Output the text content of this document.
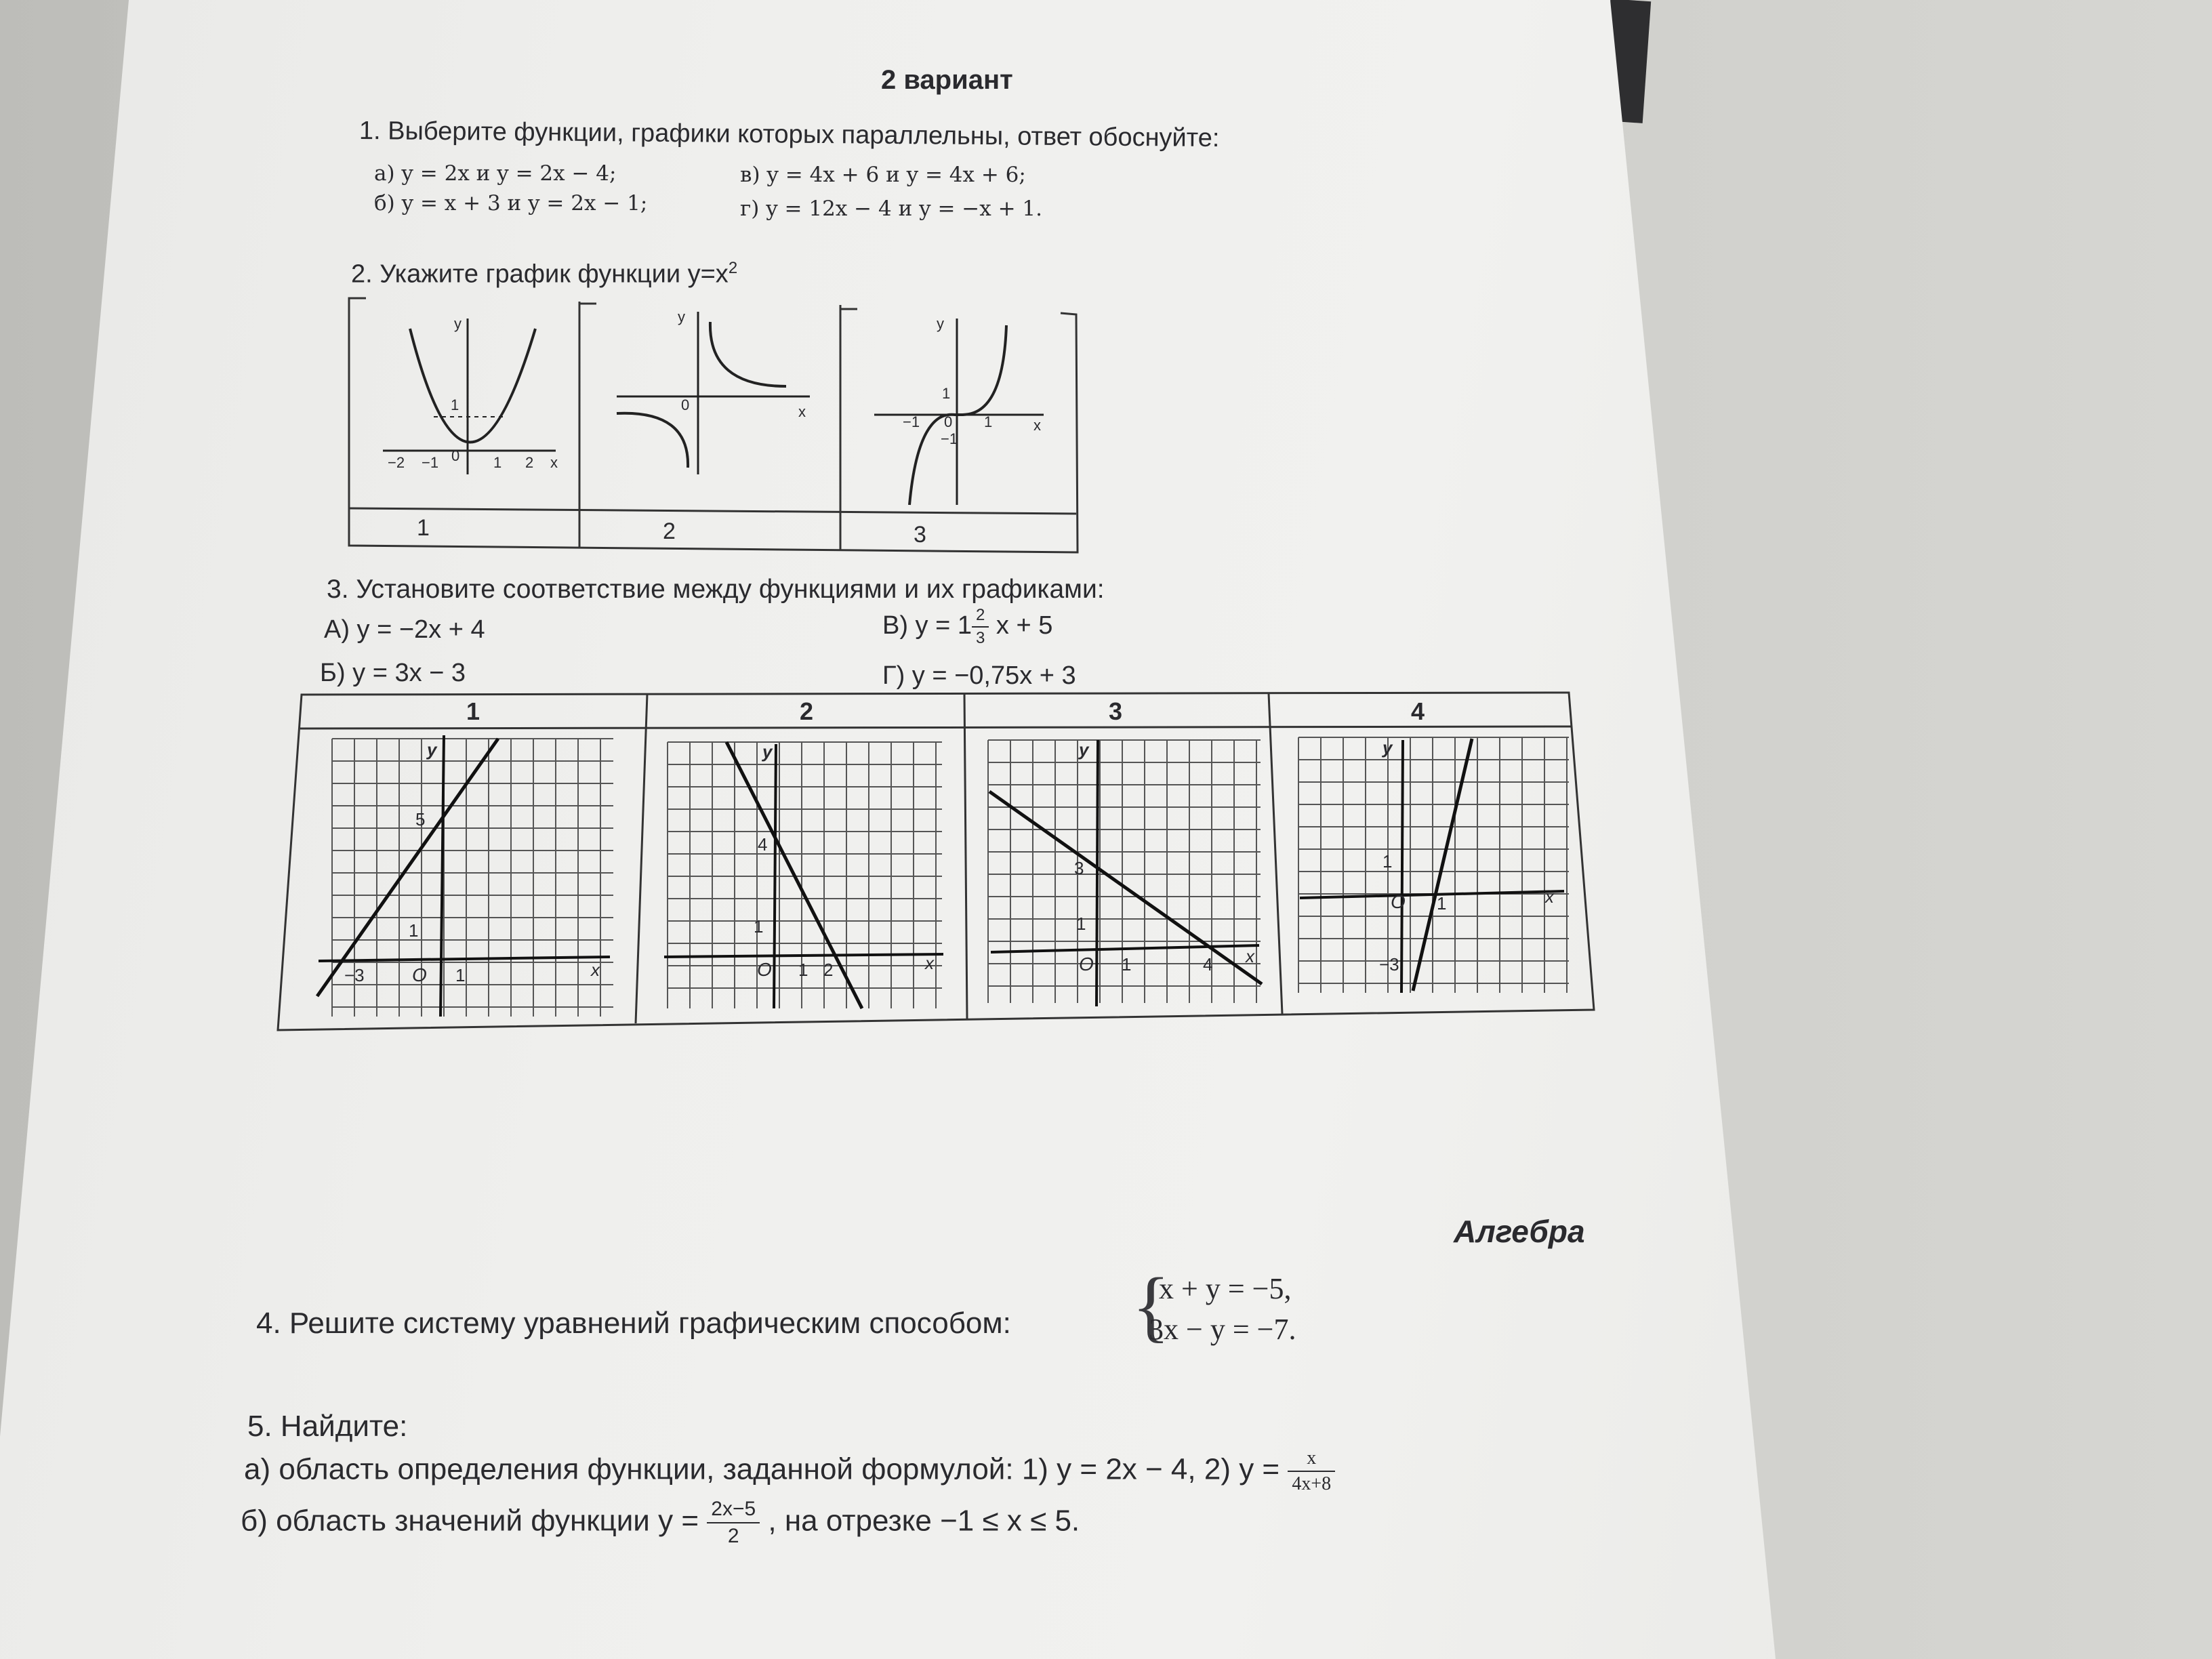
2 вариант
1. Выберите функции, графики которых параллельны, ответ обоснуйте:
а) y = 2x и y = 2x − 4;
б) y = x + 3 и y = 2x − 1;
в) y = 4x + 6 и y = 4x + 6;
г) y = 12x − 4 и y = −x + 1.
2. Укажите график функции $y=x^2$
y
1
0	x
−2 −1	1 2
y
0	x
y
1
0
−1	1
−1
x
1	2	3
3. Установите соответствие между функциями и их графиками:
А) y = −2x + 4
Б) y = 3x − 3
В) $y = 1 \frac{2}{3}$ x + 5
Г) y = −0,75x + 3
1	2	3	4
y
5
1
−3	O 1	x
y
4
1
O 1 2	x
y
3
1
O 1	4 x
y
1
O 1
−3
x
Алгебра
4. Решите систему уравнений графическим способом: {
x + y = −5,
3x − y = −7.
5. Найдите:
а) область определения функции, заданной формулой: 1) y = 2x − 4, 2) $y = \frac{x}{4x+8}$
б) область значений функции $y = \frac{2x-5}{2}$ , на отрезке −1 ≤ x ≤ 5.
